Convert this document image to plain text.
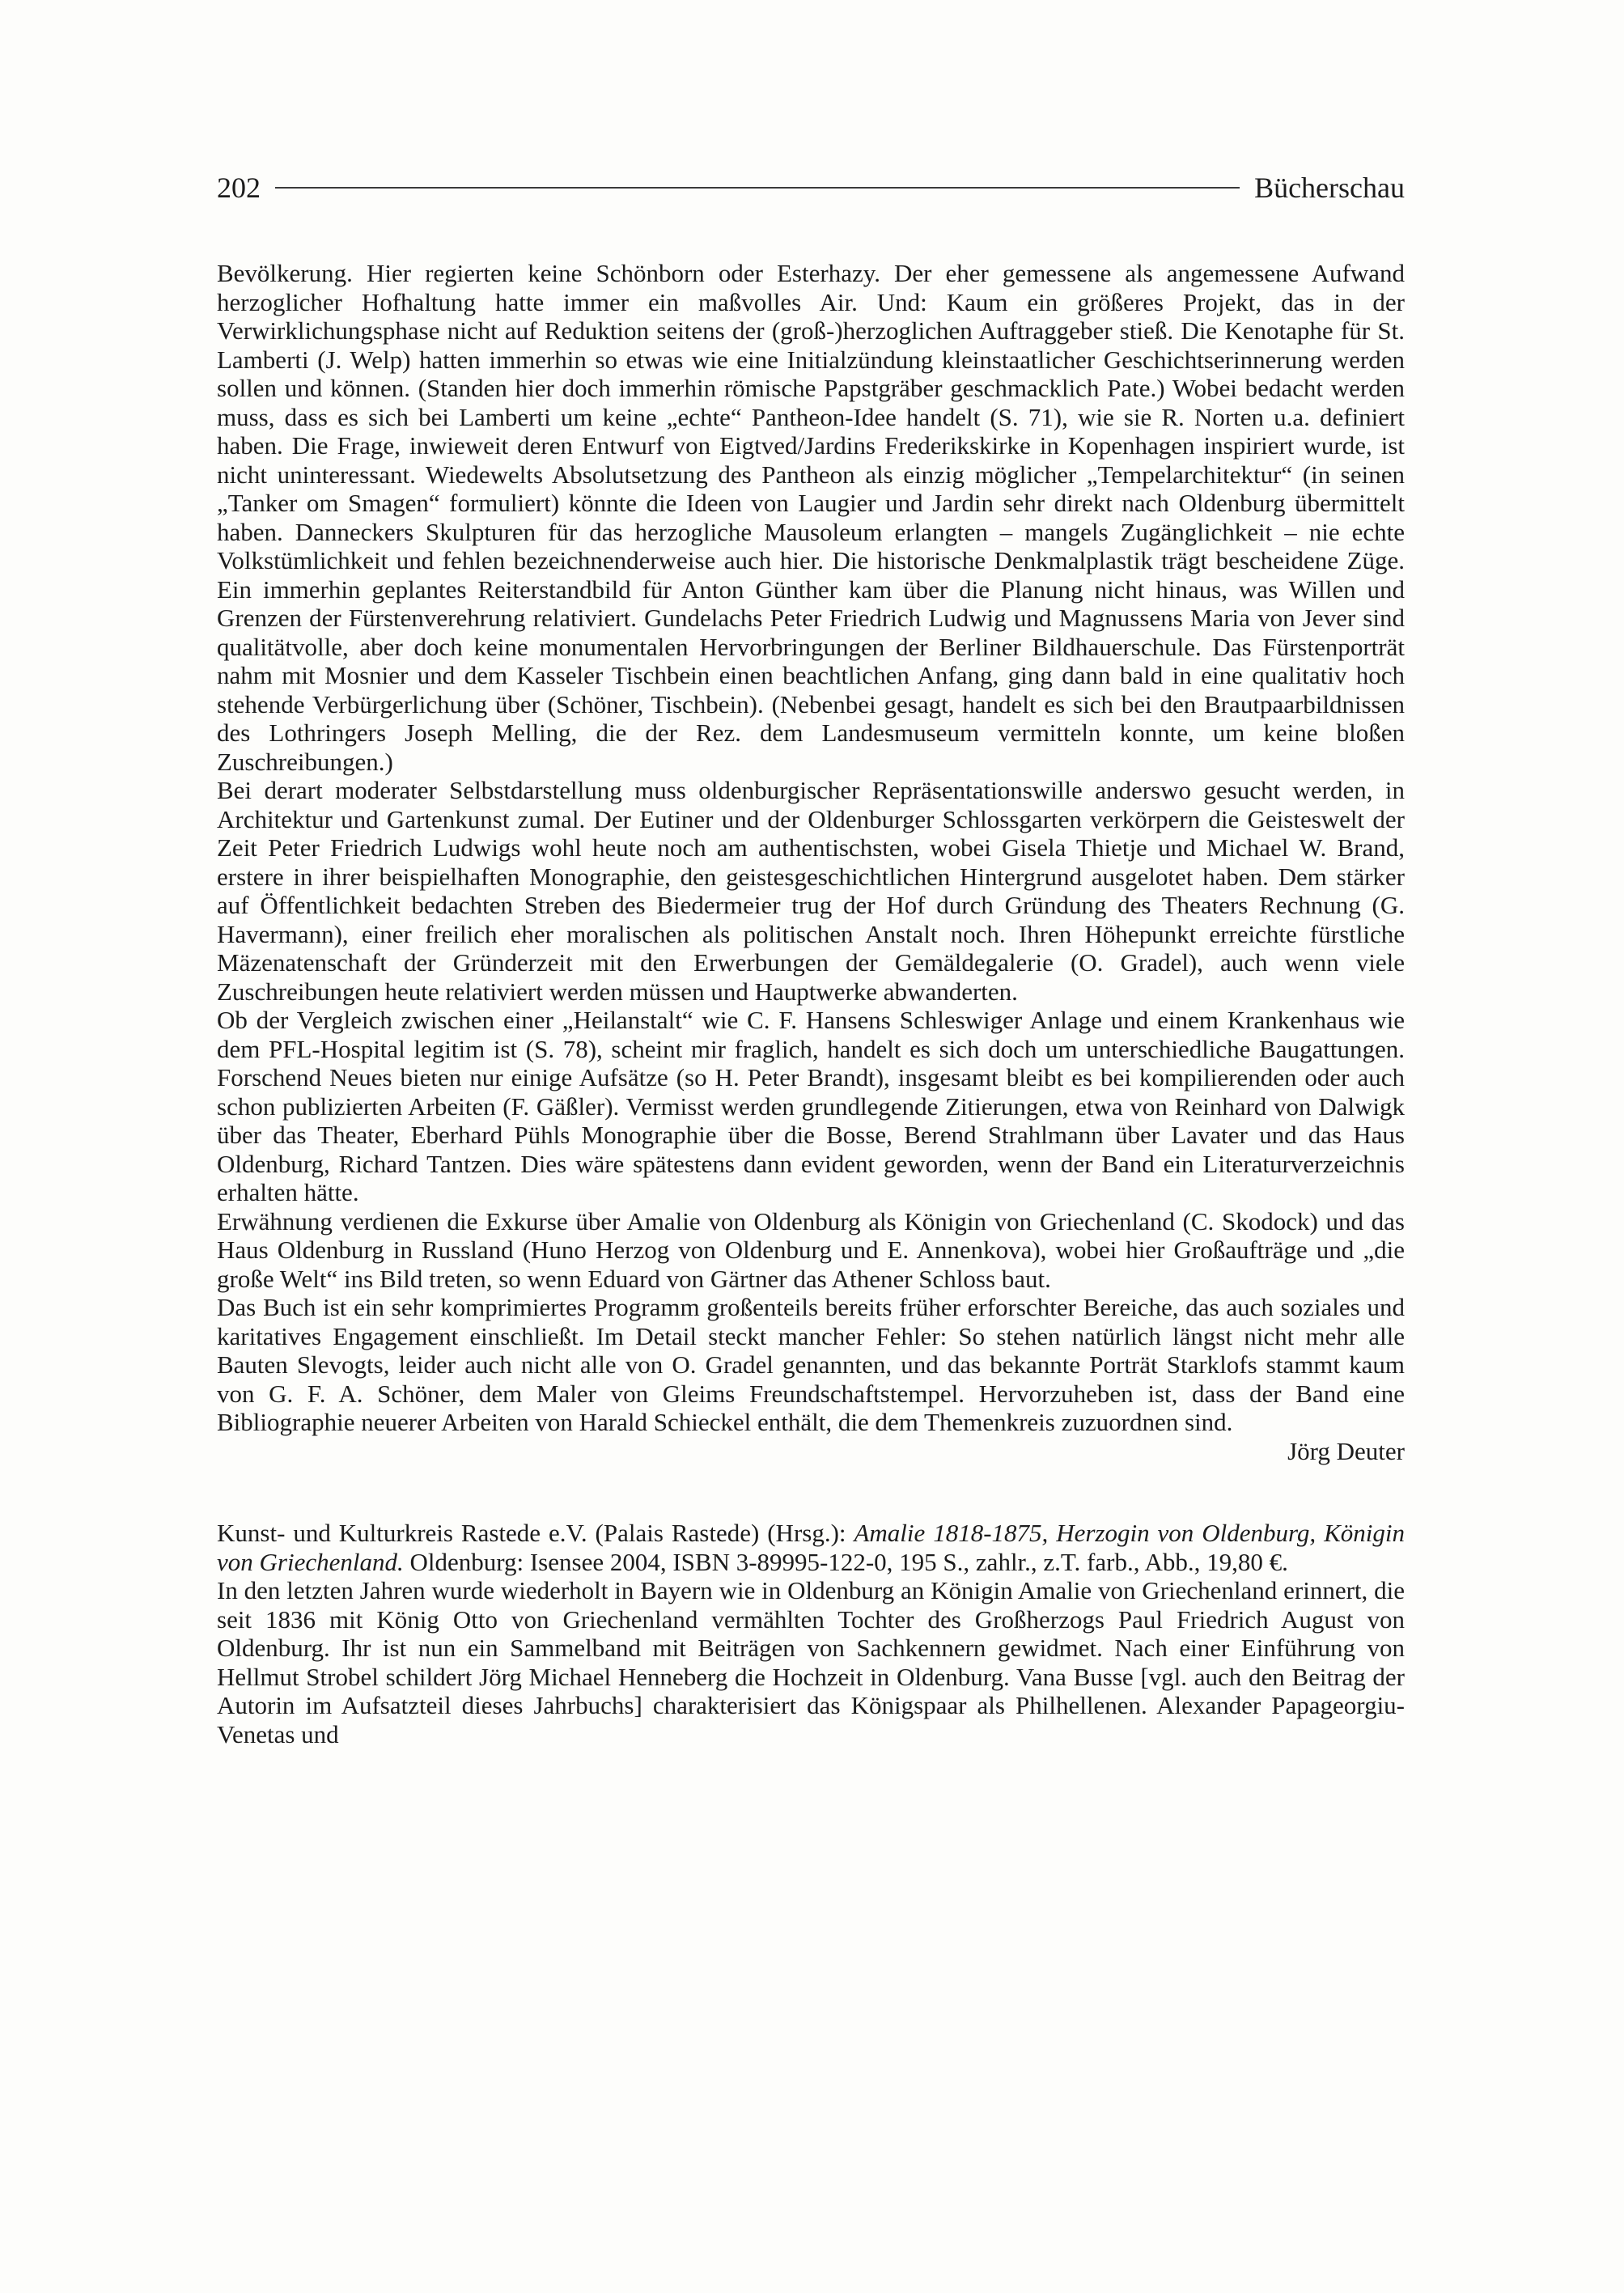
202	Bücherschau

Bevölkerung. Hier regierten keine Schönborn oder Esterhazy. Der eher gemessene als angemessene Aufwand herzoglicher Hofhaltung hatte immer ein maßvolles Air. Und: Kaum ein größeres Projekt, das in der Verwirklichungsphase nicht auf Reduktion seitens der (groß-)herzoglichen Auftraggeber stieß. Die Kenotaphe für St. Lamberti (J. Welp) hatten immerhin so etwas wie eine Initialzündung kleinstaatlicher Geschichtserinnerung werden sollen und können. (Standen hier doch immerhin römische Papstgräber geschmacklich Pate.) Wobei bedacht werden muss, dass es sich bei Lamberti um keine „echte“ Pantheon-Idee handelt (S. 71), wie sie R. Norten u.a. definiert haben. Die Frage, inwieweit deren Entwurf von Eigtved/Jardins Frederikskirke in Kopenhagen inspiriert wurde, ist nicht uninteressant. Wiedewelts Absolutsetzung des Pantheon als einzig möglicher „Tempelarchitektur“ (in seinen „Tanker om Smagen“ formuliert) könnte die Ideen von Laugier und Jardin sehr direkt nach Oldenburg übermittelt haben. Danneckers Skulpturen für das herzogliche Mausoleum erlangten – mangels Zugänglichkeit – nie echte Volkstümlichkeit und fehlen bezeichnenderweise auch hier. Die historische Denkmalplastik trägt bescheidene Züge. Ein immerhin geplantes Reiterstandbild für Anton Günther kam über die Planung nicht hinaus, was Willen und Grenzen der Fürstenverehrung relativiert. Gundelachs Peter Friedrich Ludwig und Magnussens Maria von Jever sind qualitätvolle, aber doch keine monumentalen Hervorbringungen der Berliner Bildhauerschule. Das Fürstenporträt nahm mit Mosnier und dem Kasseler Tischbein einen beachtlichen Anfang, ging dann bald in eine qualitativ hoch stehende Verbürgerlichung über (Schöner, Tischbein). (Nebenbei gesagt, handelt es sich bei den Brautpaarbildnissen des Lothringers Joseph Melling, die der Rez. dem Landesmuseum vermitteln konnte, um keine bloßen Zuschreibungen.)

Bei derart moderater Selbstdarstellung muss oldenburgischer Repräsentationswille anderswo gesucht werden, in Architektur und Gartenkunst zumal. Der Eutiner und der Oldenburger Schlossgarten verkörpern die Geisteswelt der Zeit Peter Friedrich Ludwigs wohl heute noch am authentischsten, wobei Gisela Thietje und Michael W. Brand, erstere in ihrer beispielhaften Monographie, den geistesgeschichtlichen Hintergrund ausgelotet haben. Dem stärker auf Öffentlichkeit bedachten Streben des Biedermeier trug der Hof durch Gründung des Theaters Rechnung (G. Havermann), einer freilich eher moralischen als politischen Anstalt noch. Ihren Höhepunkt erreichte fürstliche Mäzenatenschaft der Gründerzeit mit den Erwerbungen der Gemäldegalerie (O. Gradel), auch wenn viele Zuschreibungen heute relativiert werden müssen und Hauptwerke abwanderten.

Ob der Vergleich zwischen einer „Heilanstalt“ wie C. F. Hansens Schleswiger Anlage und einem Krankenhaus wie dem PFL-Hospital legitim ist (S. 78), scheint mir fraglich, handelt es sich doch um unterschiedliche Baugattungen. Forschend Neues bieten nur einige Aufsätze (so H. Peter Brandt), insgesamt bleibt es bei kompilierenden oder auch schon publizierten Arbeiten (F. Gäßler). Vermisst werden grundlegende Zitierungen, etwa von Reinhard von Dalwigk über das Theater, Eberhard Pühls Monographie über die Bosse, Berend Strahlmann über Lavater und das Haus Oldenburg, Richard Tantzen. Dies wäre spätestens dann evident geworden, wenn der Band ein Literaturverzeichnis erhalten hätte.

Erwähnung verdienen die Exkurse über Amalie von Oldenburg als Königin von Griechenland (C. Skodock) und das Haus Oldenburg in Russland (Huno Herzog von Oldenburg und E. Annenkova), wobei hier Großaufträge und „die große Welt“ ins Bild treten, so wenn Eduard von Gärtner das Athener Schloss baut.

Das Buch ist ein sehr komprimiertes Programm großenteils bereits früher erforschter Bereiche, das auch soziales und karitatives Engagement einschließt. Im Detail steckt mancher Fehler: So stehen natürlich längst nicht mehr alle Bauten Slevogts, leider auch nicht alle von O. Gradel genannten, und das bekannte Porträt Starklofs stammt kaum von G. F. A. Schöner, dem Maler von Gleims Freundschaftstempel. Hervorzuheben ist, dass der Band eine Bibliographie neuerer Arbeiten von Harald Schieckel enthält, die dem Themenkreis zuzuordnen sind.

Jörg Deuter

Kunst- und Kulturkreis Rastede e.V. (Palais Rastede) (Hrsg.): Amalie 1818-1875, Herzogin von Oldenburg, Königin von Griechenland. Oldenburg: Isensee 2004, ISBN 3-89995-122-0, 195 S., zahlr., z.T. farb., Abb., 19,80 €.

In den letzten Jahren wurde wiederholt in Bayern wie in Oldenburg an Königin Amalie von Griechenland erinnert, die seit 1836 mit König Otto von Griechenland vermählten Tochter des Großherzogs Paul Friedrich August von Oldenburg. Ihr ist nun ein Sammelband mit Beiträgen von Sachkennern gewidmet. Nach einer Einführung von Hellmut Strobel schildert Jörg Michael Henneberg die Hochzeit in Oldenburg. Vana Busse [vgl. auch den Beitrag der Autorin im Aufsatzteil dieses Jahrbuchs] charakterisiert das Königspaar als Philhellenen. Alexander Papageorgiu-Venetas und
